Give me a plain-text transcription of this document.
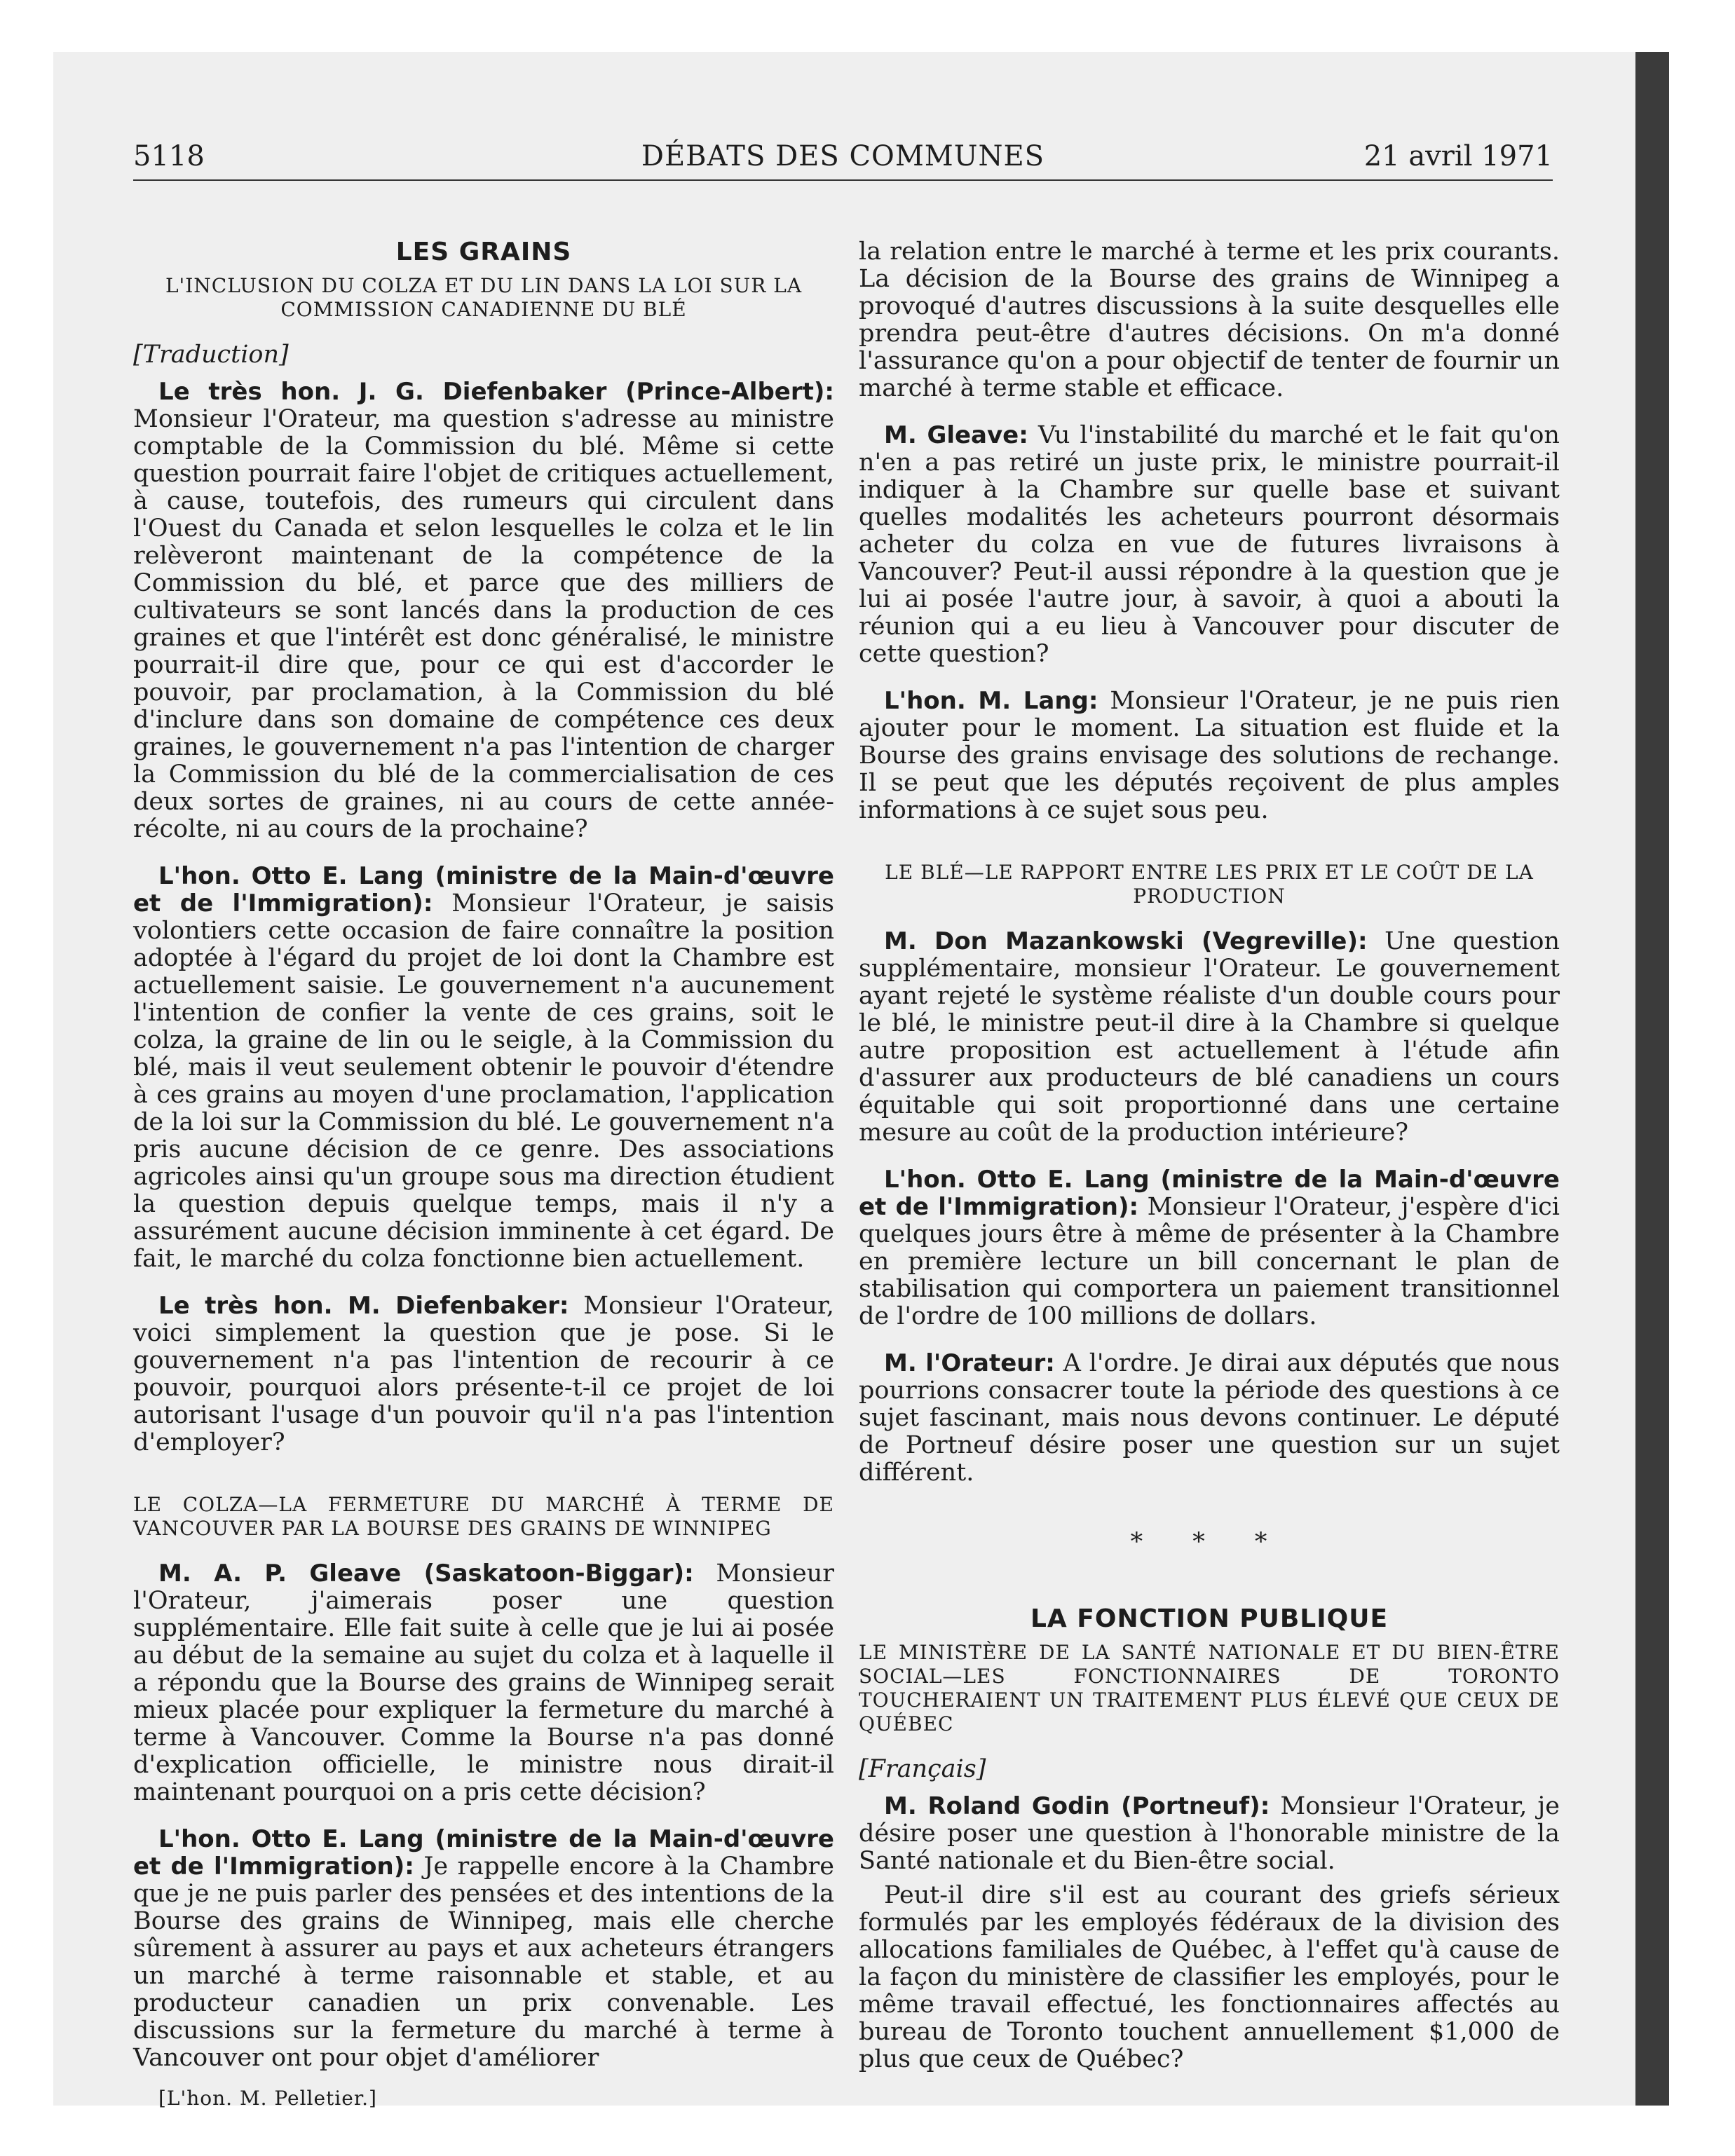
5118	DÉBATS DES COMMUNES	21 avril 1971
LES GRAINS
L'INCLUSION DU COLZA ET DU LIN DANS LA LOI SUR LA COMMISSION CANADIENNE DU BLÉ
[Traduction]

Le très hon. J. G. Diefenbaker (Prince-Albert): Monsieur l'Orateur, ma question s'adresse au ministre comptable de la Commission du blé. Même si cette question pourrait faire l'objet de critiques actuellement, à cause, toutefois, des rumeurs qui circulent dans l'Ouest du Canada et selon lesquelles le colza et le lin relèveront maintenant de la compétence de la Commission du blé, et parce que des milliers de cultivateurs se sont lancés dans la production de ces graines et que l'intérêt est donc généralisé, le ministre pourrait-il dire que, pour ce qui est d'accorder le pouvoir, par proclamation, à la Commission du blé d'inclure dans son domaine de compétence ces deux graines, le gouvernement n'a pas l'intention de charger la Commission du blé de la commercialisation de ces deux sortes de graines, ni au cours de cette année-récolte, ni au cours de la prochaine?

L'hon. Otto E. Lang (ministre de la Main-d'œuvre et de l'Immigration): Monsieur l'Orateur, je saisis volontiers cette occasion de faire connaître la position adoptée à l'égard du projet de loi dont la Chambre est actuellement saisie. Le gouvernement n'a aucunement l'intention de confier la vente de ces grains, soit le colza, la graine de lin ou le seigle, à la Commission du blé, mais il veut seulement obtenir le pouvoir d'étendre à ces grains au moyen d'une proclamation, l'application de la loi sur la Commission du blé. Le gouvernement n'a pris aucune décision de ce genre. Des associations agricoles ainsi qu'un groupe sous ma direction étudient la question depuis quelque temps, mais il n'y a assurément aucune décision imminente à cet égard. De fait, le marché du colza fonctionne bien actuellement.

Le très hon. M. Diefenbaker: Monsieur l'Orateur, voici simplement la question que je pose. Si le gouvernement n'a pas l'intention de recourir à ce pouvoir, pourquoi alors présente-t-il ce projet de loi autorisant l'usage d'un pouvoir qu'il n'a pas l'intention d'employer?

LE COLZA—LA FERMETURE DU MARCHÉ À TERME DE VANCOUVER PAR LA BOURSE DES GRAINS DE WINNIPEG

M. A. P. Gleave (Saskatoon-Biggar): Monsieur l'Orateur, j'aimerais poser une question supplémentaire. Elle fait suite à celle que je lui ai posée au début de la semaine au sujet du colza et à laquelle il a répondu que la Bourse des grains de Winnipeg serait mieux placée pour expliquer la fermeture du marché à terme à Vancouver. Comme la Bourse n'a pas donné d'explication officielle, le ministre nous dirait-il maintenant pourquoi on a pris cette décision?

L'hon. Otto E. Lang (ministre de la Main-d'œuvre et de l'Immigration): Je rappelle encore à la Chambre que je ne puis parler des pensées et des intentions de la Bourse des grains de Winnipeg, mais elle cherche sûrement à assurer au pays et aux acheteurs étrangers un marché à terme raisonnable et stable, et au producteur canadien un prix convenable. Les discussions sur la fermeture du marché à terme à Vancouver ont pour objet d'améliorer

[L'hon. M. Pelletier.]

la relation entre le marché à terme et les prix courants. La décision de la Bourse des grains de Winnipeg a provoqué d'autres discussions à la suite desquelles elle prendra peut-être d'autres décisions. On m'a donné l'assurance qu'on a pour objectif de tenter de fournir un marché à terme stable et efficace.

M. Gleave: Vu l'instabilité du marché et le fait qu'on n'en a pas retiré un juste prix, le ministre pourrait-il indiquer à la Chambre sur quelle base et suivant quelles modalités les acheteurs pourront désormais acheter du colza en vue de futures livraisons à Vancouver? Peut-il aussi répondre à la question que je lui ai posée l'autre jour, à savoir, à quoi a abouti la réunion qui a eu lieu à Vancouver pour discuter de cette question?

L'hon. M. Lang: Monsieur l'Orateur, je ne puis rien ajouter pour le moment. La situation est fluide et la Bourse des grains envisage des solutions de rechange. Il se peut que les députés reçoivent de plus amples informations à ce sujet sous peu.

LE BLÉ—LE RAPPORT ENTRE LES PRIX ET LE COÛT DE LA PRODUCTION

M. Don Mazankowski (Vegreville): Une question supplémentaire, monsieur l'Orateur. Le gouvernement ayant rejeté le système réaliste d'un double cours pour le blé, le ministre peut-il dire à la Chambre si quelque autre proposition est actuellement à l'étude afin d'assurer aux producteurs de blé canadiens un cours équitable qui soit proportionné dans une certaine mesure au coût de la production intérieure?

L'hon. Otto E. Lang (ministre de la Main-d'œuvre et de l'Immigration): Monsieur l'Orateur, j'espère d'ici quelques jours être à même de présenter à la Chambre en première lecture un bill concernant le plan de stabilisation qui comportera un paiement transitionnel de l'ordre de 100 millions de dollars.

M. l'Orateur: A l'ordre. Je dirai aux députés que nous pourrions consacrer toute la période des questions à ce sujet fascinant, mais nous devons continuer. Le député de Portneuf désire poser une question sur un sujet différent.

* * *
LA FONCTION PUBLIQUE
LE MINISTÈRE DE LA SANTÉ NATIONALE ET DU BIEN-ÊTRE SOCIAL—LES FONCTIONNAIRES DE TORONTO TOUCHERAIENT UN TRAITEMENT PLUS ÉLEVÉ QUE CEUX DE QUÉBEC
[Français]

M. Roland Godin (Portneuf): Monsieur l'Orateur, je désire poser une question à l'honorable ministre de la Santé nationale et du Bien-être social.

Peut-il dire s'il est au courant des griefs sérieux formulés par les employés fédéraux de la division des allocations familiales de Québec, à l'effet qu'à cause de la façon du ministère de classifier les employés, pour le même travail effectué, les fonctionnaires affectés au bureau de Toronto touchent annuellement $1,000 de plus que ceux de Québec?
